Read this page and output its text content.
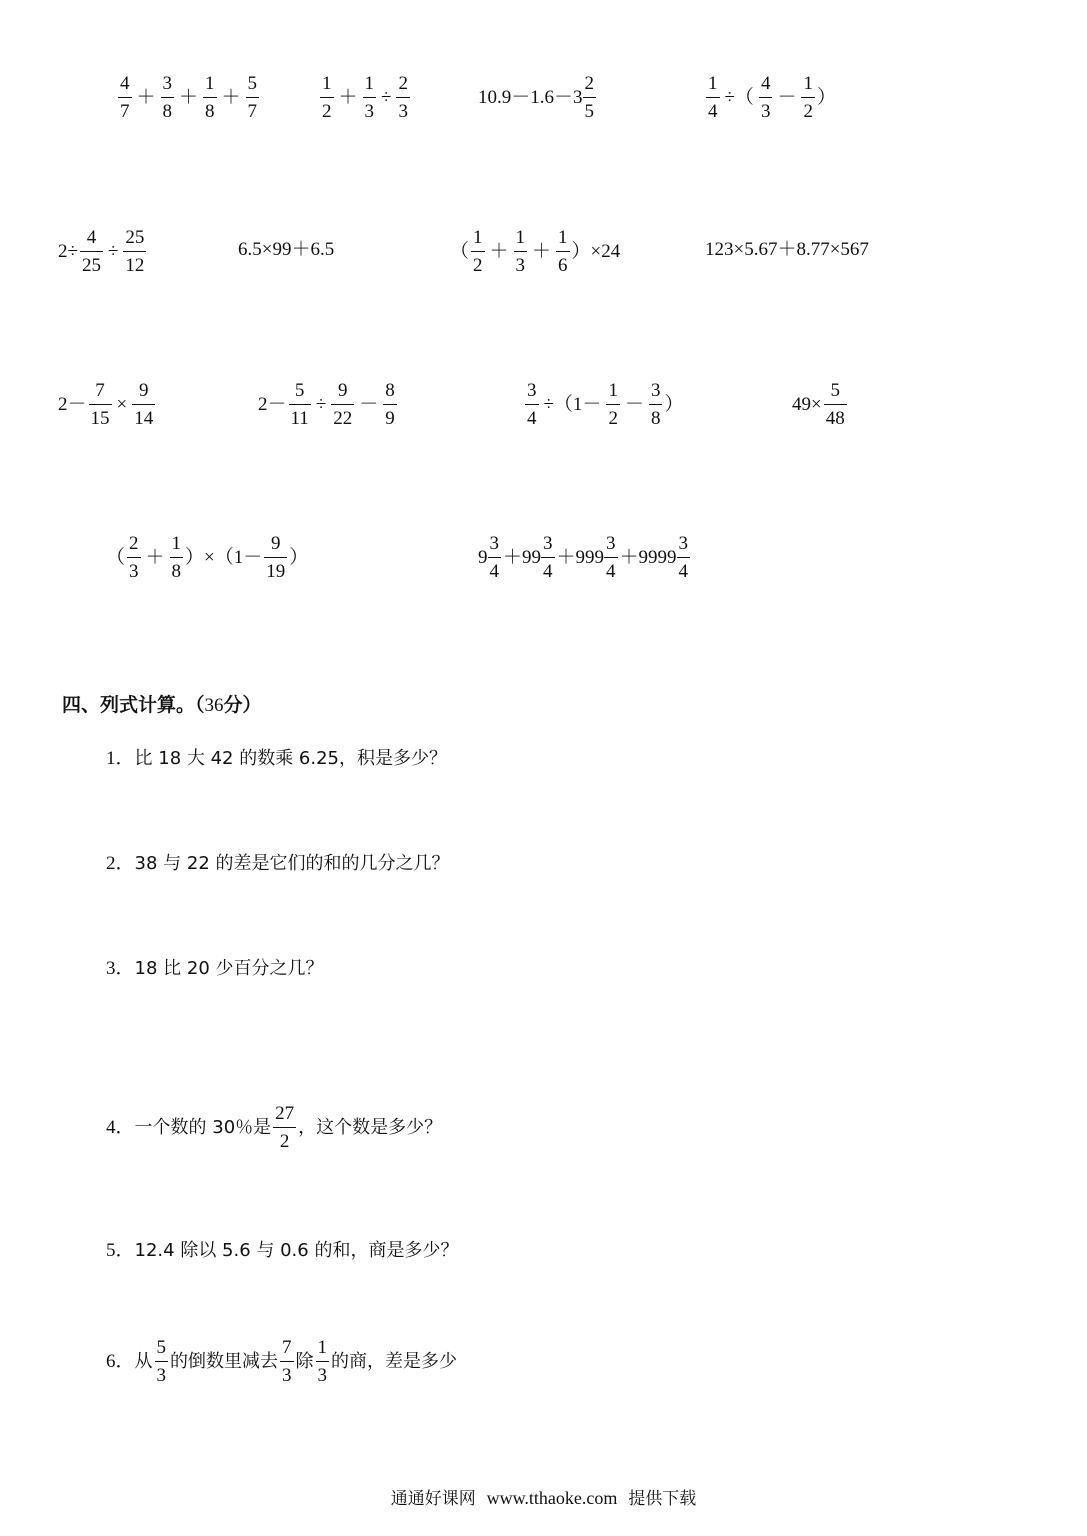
$\frac{4}{7} + \frac{3}{8} + \frac{1}{8} + \frac{5}{7}$	$\frac{1}{2} + \frac{1}{3} \div \frac{2}{3}$	$10.9-1.6-3 \frac{2}{5}$	$\frac{1}{4}$ ÷（ $\frac{4}{3} - \frac{1}{2}$ ）
$2\div \frac{4}{25} \div \frac{25}{12}$	6.5×99＋6.5	（ $\frac{1}{2} + \frac{1}{3} + \frac{1}{6} )\times 24$	123×5.67＋8.77×567
$2- \frac{7}{15} \times \frac{9}{14}$	$2- \frac{5}{11} \div \frac{9}{22} - \frac{8}{9}$	$\frac{3}{4} \div(1- \frac{1}{2} - \frac{3}{8}$ ）	$49\times \frac{5}{48}$
（ $\frac{2}{3} + \frac{1}{8} )\times(1- \frac{9}{19}$ ）	$9 \frac{3}{4} +99 \frac{3}{4} +999 \frac{3}{4} +9999 \frac{3}{4}$
四、列式计算。（36分）
1． 比 18 大 42 的数乘 6.25，积是多少？
2． 38 与 22 的差是它们的和的几分之几？
3． 18 比 20 少百分之几？
4． 一个数的 30％是 $\frac{27}{2}$ ，这个数是多少？
5． 12.4 除以 5.6 与 0.6 的和，商是多少？
6． 从 $\frac{5}{3}$ 的倒数里减去 $\frac{7}{3}$ 除 $\frac{1}{3}$ 的商，差是多少
通通好课网 www.tthaoke.com 提供下载
